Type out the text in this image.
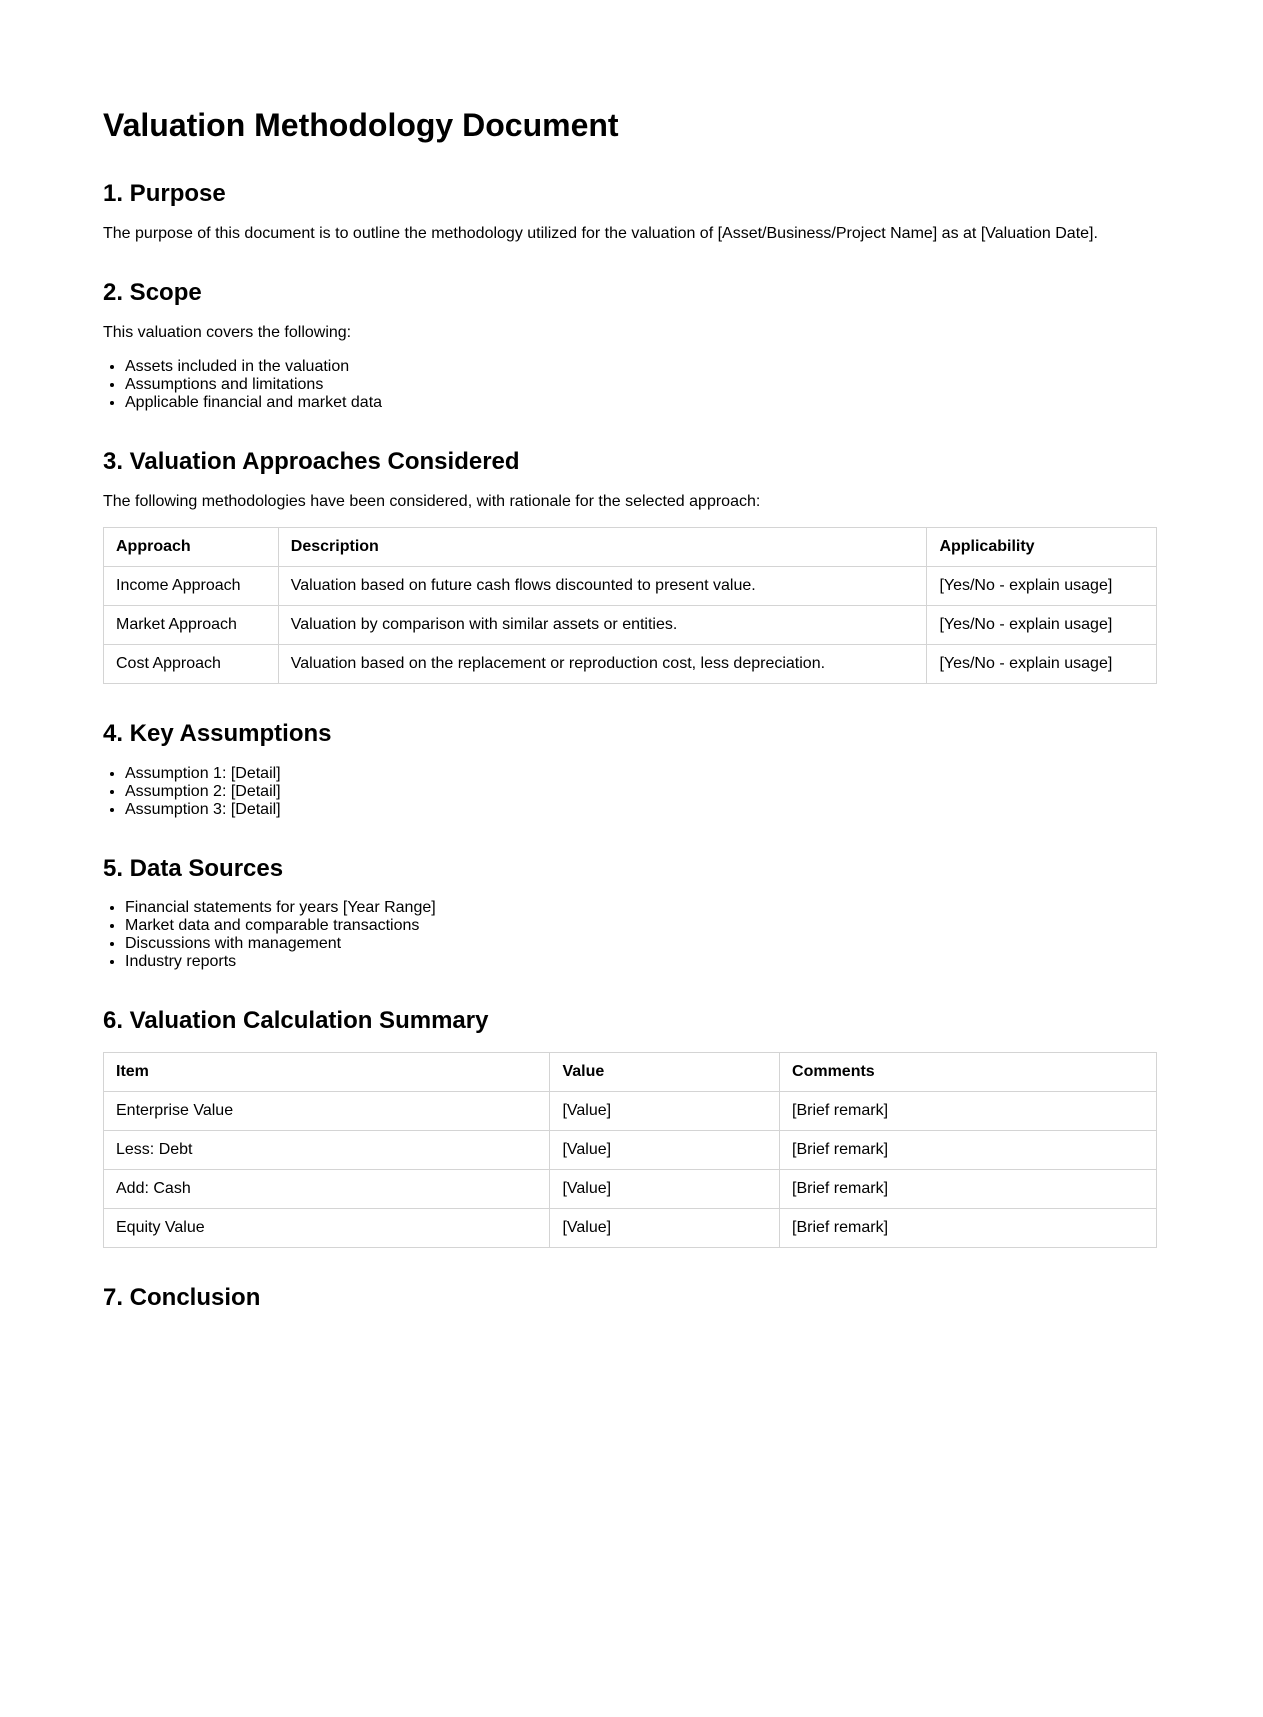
Valuation Methodology Document
1. Purpose

The purpose of this document is to outline the methodology utilized for the valuation of [Asset/Business/Project Name] as at [Valuation Date].

2. Scope

This valuation covers the following:

• Assets included in the valuation
• Assumptions and limitations
• Applicable financial and market data
3. Valuation Approaches Considered

The following methodologies have been considered, with rationale for the selected approach:

Approach	Description	Applicability
Income Approach	Valuation based on future cash flows discounted to present value.	[Yes/No - explain usage]
Market Approach	Valuation by comparison with similar assets or entities.	[Yes/No - explain usage]
Cost Approach	Valuation based on the replacement or reproduction cost, less depreciation.	[Yes/No - explain usage]
4. Key Assumptions
• Assumption 1: [Detail]
• Assumption 2: [Detail]
• Assumption 3: [Detail]
5. Data Sources
• Financial statements for years [Year Range]
• Market data and comparable transactions
• Discussions with management
• Industry reports
6. Valuation Calculation Summary
Item	Value	Comments
Enterprise Value	[Value]	[Brief remark]
Less: Debt	[Value]	[Brief remark]
Add: Cash	[Value]	[Brief remark]
Equity Value	[Value]	[Brief remark]
7. Conclusion
